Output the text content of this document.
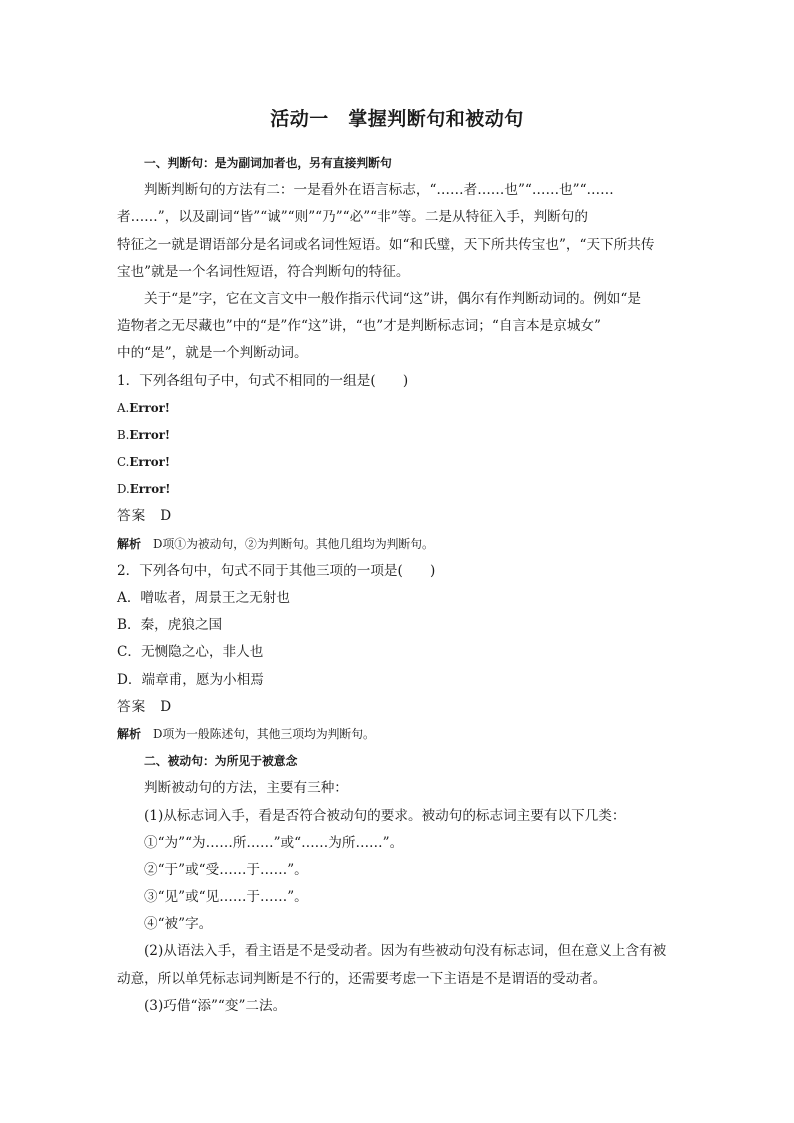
活动一　掌握判断句和被动句
一、判断句：是为副词加者也，另有直接判断句
判断判断句的方法有二：一是看外在语言标志，“……者……也”“……也”“……
者……”，以及副词“皆”“诚”“则”“乃”“必”“非”等。二是从特征入手，判断句的
特征之一就是谓语部分是名词或名词性短语。如“和氏璧，天下所共传宝也”，“天下所共传
宝也”就是一个名词性短语，符合判断句的特征。
关于“是”字，它在文言文中一般作指示代词“这”讲，偶尔有作判断动词的。例如“是
造物者之无尽藏也”中的“是”作“这”讲，“也”才是判断标志词；“自言本是京城女”
中的“是”，就是一个判断动词。
1．下列各组句子中，句式不相同的一组是(　　)
A.Error!
B.Error!
C.Error!
D.Error!
答案 D
解析 D项①为被动句，②为判断句。其他几组均为判断句。
2．下列各句中，句式不同于其他三项的一项是(　　)
A．噌吰者，周景王之无射也
B．秦，虎狼之国
C．无恻隐之心，非人也
D．端章甫，愿为小相焉
答案 D
解析 D项为一般陈述句，其他三项均为判断句。
二、被动句：为所见于被意念
判断被动句的方法，主要有三种：
(1)从标志词入手，看是否符合被动句的要求。被动句的标志词主要有以下几类：
①“为”“为……所……”或“……为所……”。
②“于”或“受……于……”。
③“见”或“见……于……”。
④“被”字。
(2)从语法入手，看主语是不是受动者。因为有些被动句没有标志词，但在意义上含有被
动意，所以单凭标志词判断是不行的，还需要考虑一下主语是不是谓语的受动者。
(3)巧借“添”“变”二法。
